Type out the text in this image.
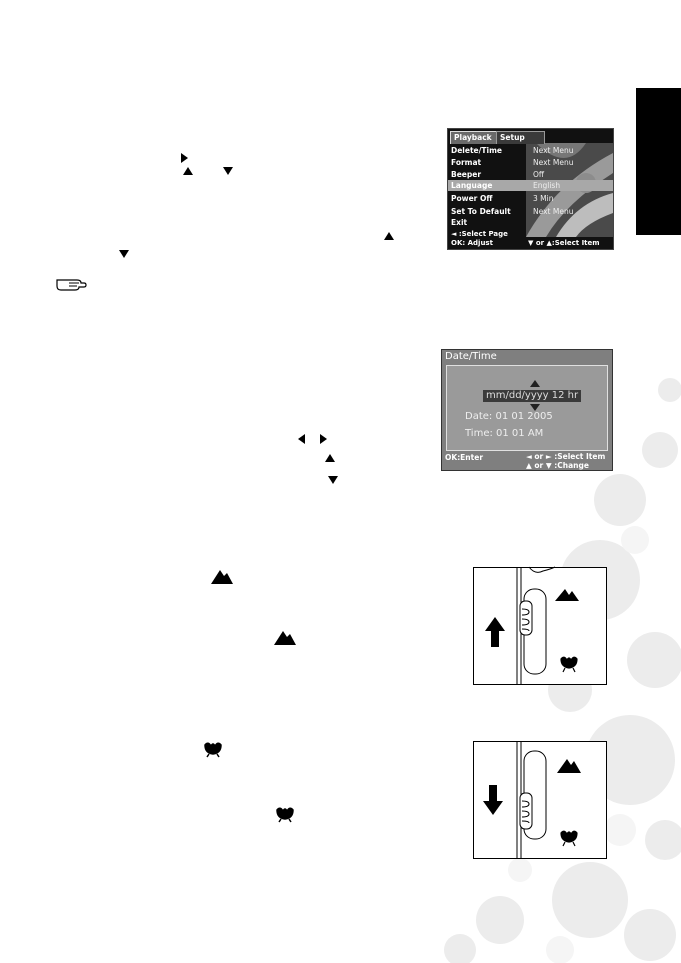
Playback	Setup
Delete/Time	Next Menu
Format	Next Menu
Beeper	Off
Language	English
Power Off	3 Min
Set To Default	Next Menu
Exit
◄ :Select Page
OK: Adjust	▼ or ▲:Select Item
Date/Time
mm/dd/yyyy 12 hr
Date: 01 01 2005
Time: 01 01 AM
OK:Enter	◄ or ► :Select Item
▲ or ▼ :Change Value
